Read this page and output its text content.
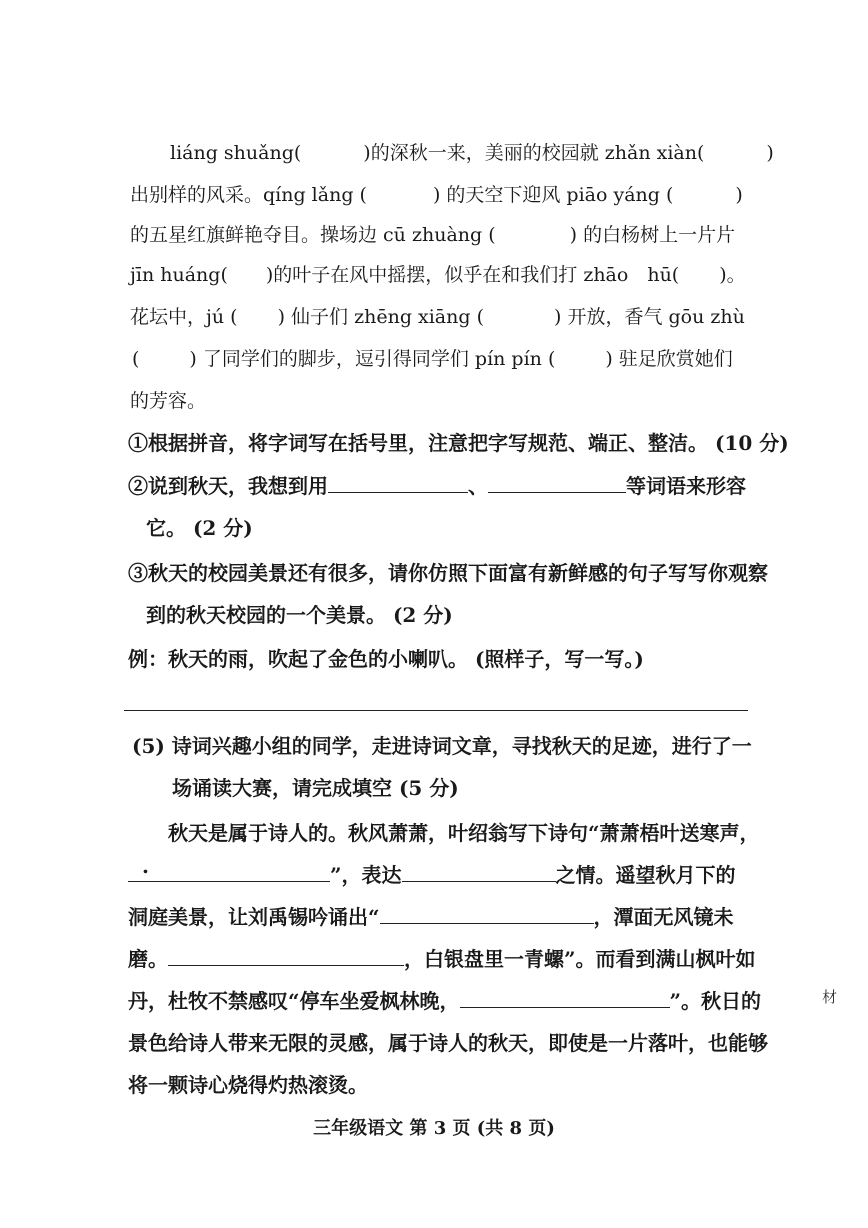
liáng shuǎng(	)的深秋一来，美丽的校园就 zhǎn xiàn(	)
出别样的风采。qíng lǎng (	) 的天空下迎风 piāo yáng (	)
的五星红旗鲜艳夺目。操场边 cū zhuàng (	) 的白杨树上一片片
jīn huáng( )的叶子在风中摇摆，似乎在和我们打 zhāo　hū( )。
花坛中，jú ( ) 仙子们 zhēng xiāng (	) 开放，香气 gōu zhù
(	) 了同学们的脚步，逗引得同学们 pín pín (	) 驻足欣赏她们
的芳容。
①根据拼音，将字词写在括号里，注意把字写规范、端正、整洁。 (10 分)
②说到秋天，我想到用	、	等词语来形容
它。 (2 分)
③秋天的校园美景还有很多，请你仿照下面富有新鲜感的句子写写你观察
到的秋天校园的一个美景。 (2 分)
例：秋天的雨，吹起了金色的小喇叭。 (照样子，写一写。)
(5) 诗词兴趣小组的同学，走进诗词文章，寻找秋天的足迹，进行了一
场诵读大赛，请完成填空 (5 分)
秋天是属于诗人的。秋风萧萧，叶绍翁写下诗句“萧萧梧叶送寒声，
.	”，表达	之情。遥望秋月下的
洞庭美景，让刘禹锡吟诵出“	，潭面无风镜未
磨。	，白银盘里一青螺”。而看到满山枫叶如
丹，杜牧不禁感叹“停车坐爱枫林晚，	”。秋日的
景色给诗人带来无限的灵感，属于诗人的秋天，即使是一片落叶，也能够
将一颗诗心烧得灼热滚烫。
三年级语文 第 3 页 (共 8 页)
材
